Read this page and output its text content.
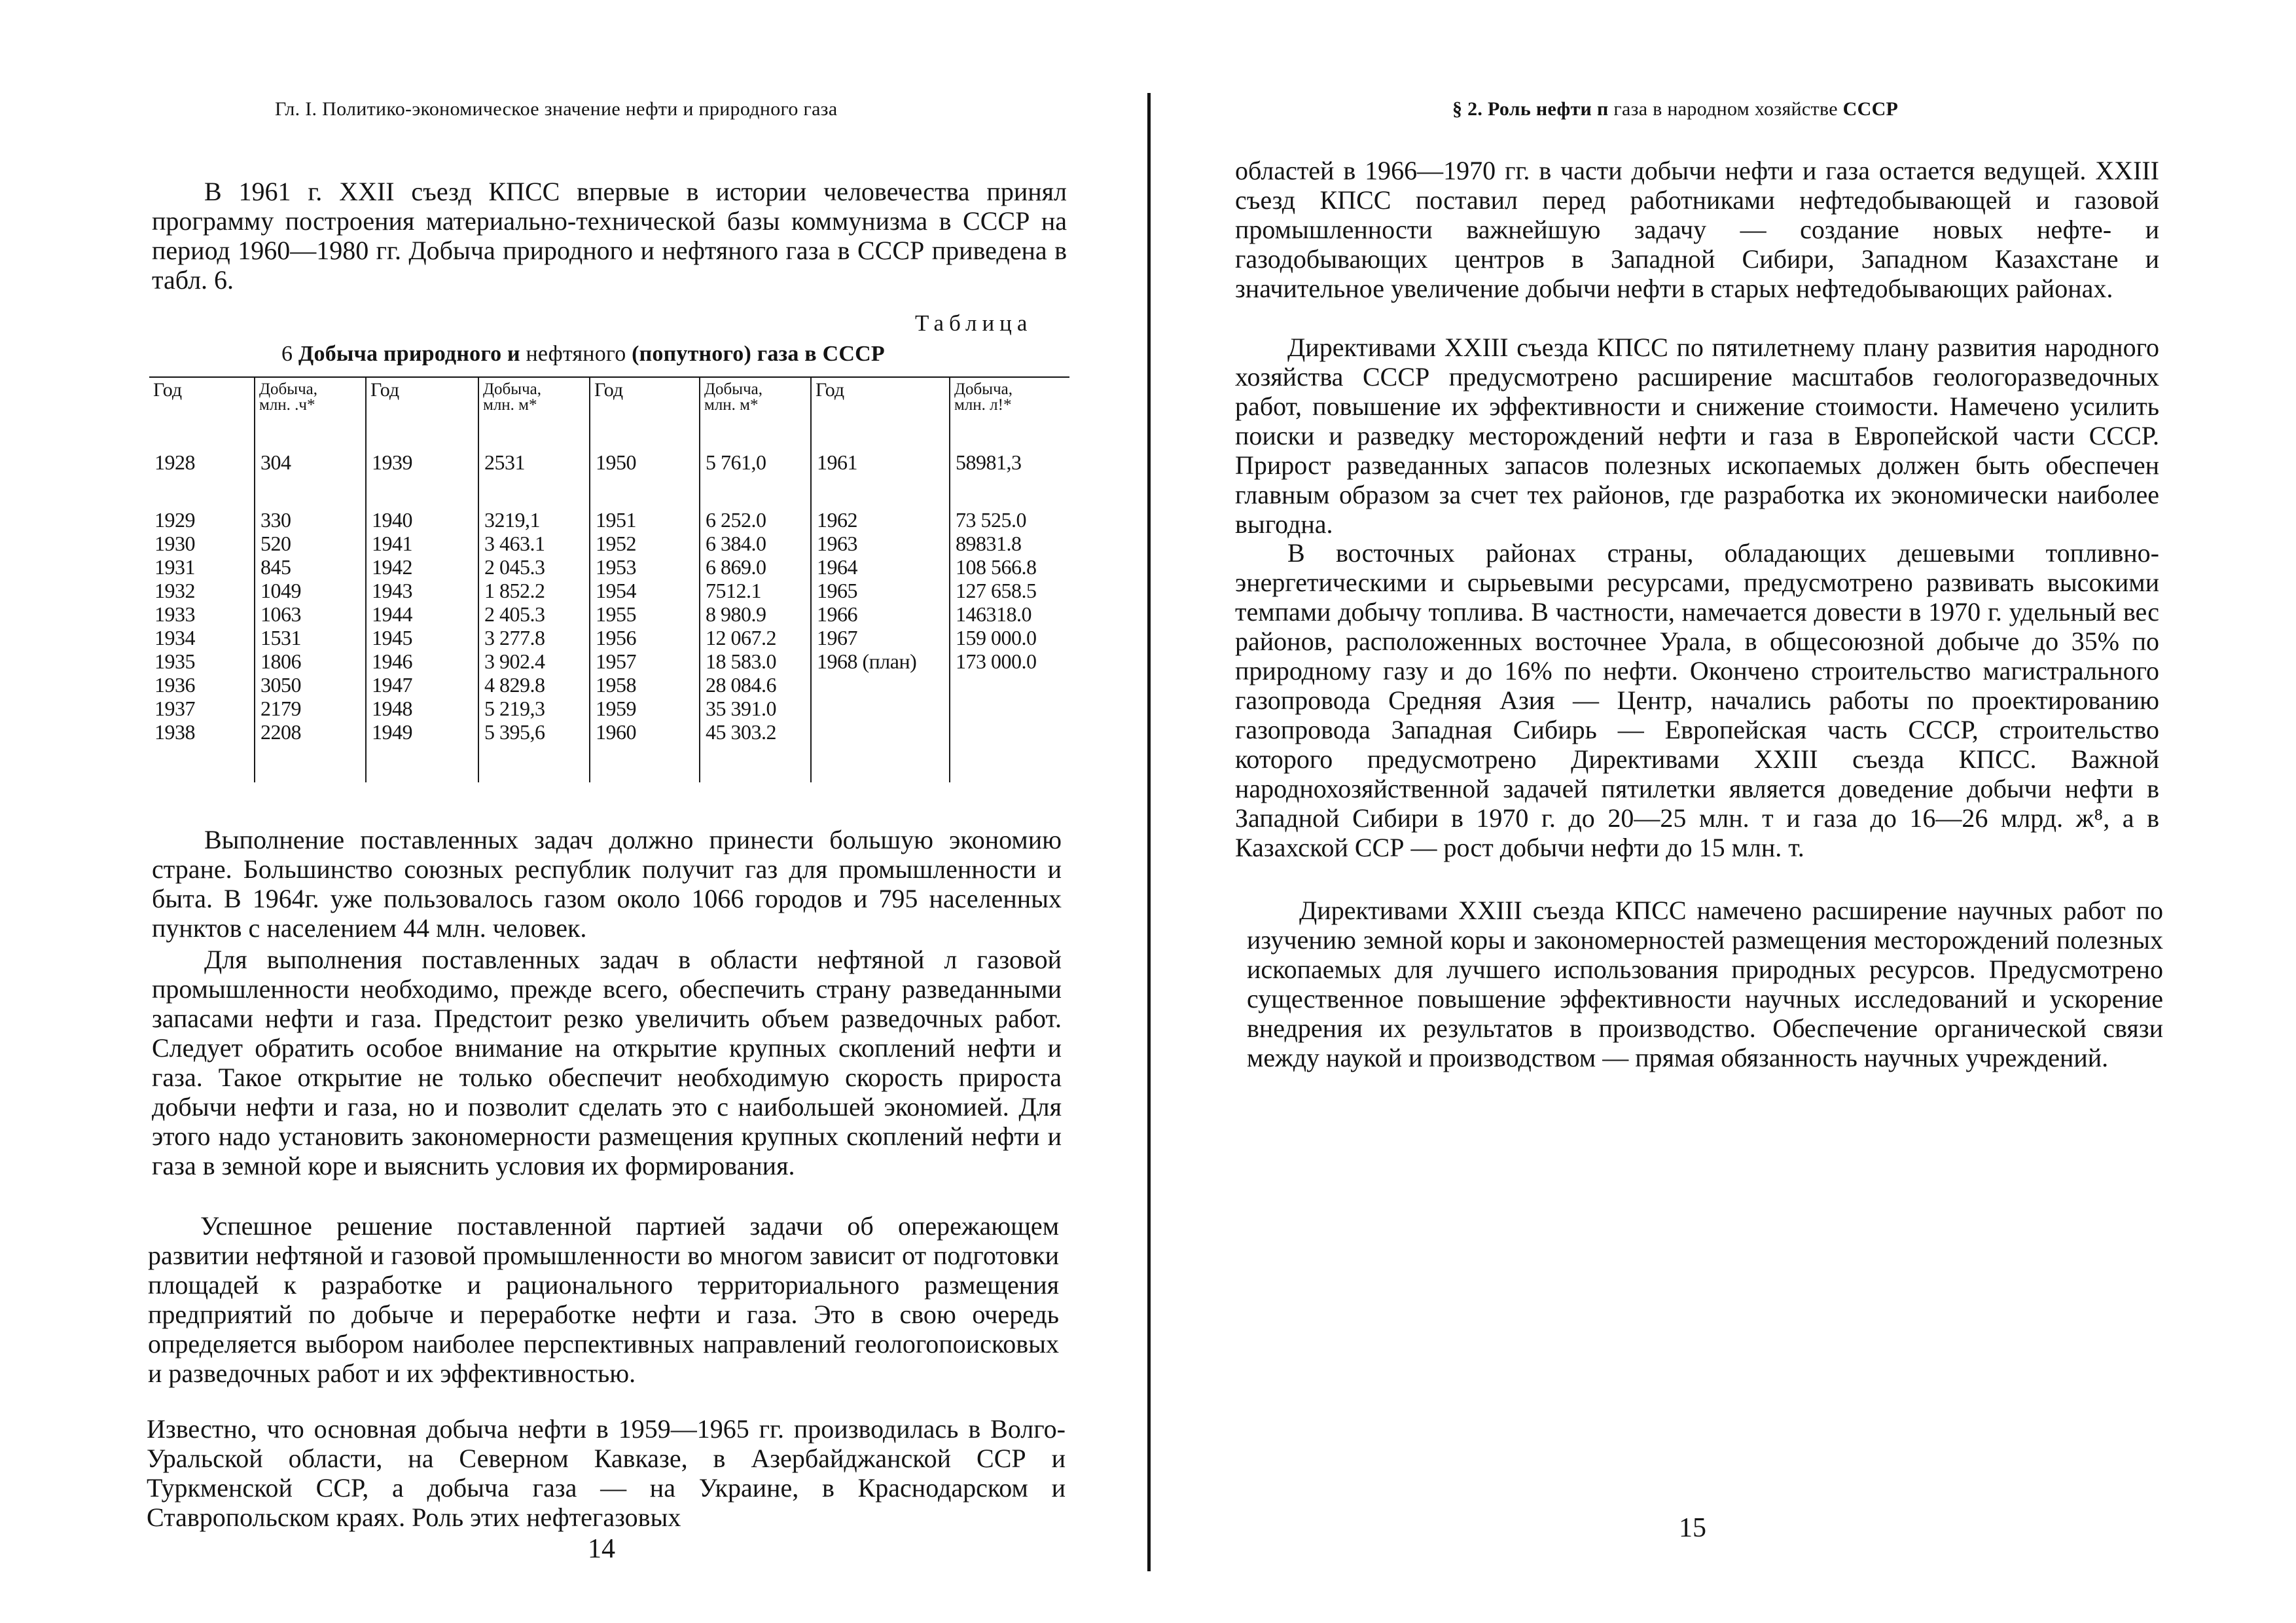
Гл. I. Политико-экономическое значение нефти и природного газа

В 1961 г. XXII съезд КПСС впервые в истории человечества принял программу построения материально-технической базы коммунизма в СССР на период 1960—1980 гг. Добыча природного и нефтяного газа в СССР приведена в табл. 6.

Таблица
6 Добыча природного и нефтяного (попутного) газа в СССР
Год
1928
1929
1930
1931
1932
1933
1934
1935
1936
1937
1938
Добыча,
млн. .ч*
304
330
520
845
1049
1063
1531
1806
3050
2179
2208
Год
1939
1940
1941
1942
1943
1944
1945
1946
1947
1948
1949
Добыча,
млн. м*
2531
3219,1
3 463.1
2 045.3
1 852.2
2 405.3
3 277.8
3 902.4
4 829.8
5 219,3
5 395,6
Год
1950
1951
1952
1953
1954
1955
1956
1957
1958
1959
1960
Добыча,
млн. м*
5 761,0
6 252.0
6 384.0
6 869.0
7512.1
8 980.9
12 067.2
18 583.0
28 084.6
35 391.0
45 303.2
Год
1961
1962
1963
1964
1965
1966
1967
1968 (план)
Добыча,
млн. л!*
58981,3
73 525.0
89831.8
108 566.8
127 658.5
146318.0
159 000.0
173 000.0

Выполнение поставленных задач должно принести большую экономию стране. Большинство союзных республик получит газ для промышленности и быта. В 1964г. уже пользовалось газом около 1066 городов и 795 населенных пунктов с населением 44 млн. человек.

Для выполнения поставленных задач в области нефтяной л газовой промышленности необходимо, прежде всего, обеспечить страну разведанными запасами нефти и газа. Предстоит резко увеличить объем разведочных работ. Следует обратить особое внимание на открытие крупных скоплений нефти и газа. Такое открытие не только обеспечит необходимую скорость прироста добычи нефти и газа, но и позволит сделать это с наибольшей экономией. Для этого надо установить закономерности размещения крупных скоплений нефти и газа в земной коре и выяснить условия их формирования.

Успешное решение поставленной партией задачи об опережающем развитии нефтяной и газовой промышленности во многом зависит от подготовки площадей к разработке и рационального территориального размещения предприятий по добыче и переработке нефти и газа. Это в свою очередь определяется выбором наиболее перспективных направлений геологопоисковых и разведочных работ и их эффективностью.

Известно, что основная добыча нефти в 1959—1965 гг. производилась в Волго-Уральской области, на Северном Кавказе, в Азербайджанской ССР и Туркменской ССР, а добыча газа — на Украине, в Краснодарском и Ставропольском краях. Роль этих нефтегазовых

14
§ 2. Роль нефти п газа в народном хозяйстве СССР

областей в 1966—1970 гг. в части добычи нефти и газа остается ведущей. XXIII съезд КПСС поставил перед работниками нефтедобывающей и газовой промышленности важнейшую задачу — создание новых нефте- и газодобывающих центров в Западной Сибири, Западном Казахстане и значительное увеличение добычи нефти в старых нефтедобывающих районах.

Директивами XXIII съезда КПСС по пятилетнему плану развития народного хозяйства СССР предусмотрено расширение масштабов геологоразведочных работ, повышение их эффективности и снижение стоимости. Намечено усилить поиски и разведку месторождений нефти и газа в Европейской части СССР. Прирост разведанных запасов полезных ископаемых должен быть обеспечен главным образом за счет тех районов, где разработка их экономически наиболее выгодна.

В восточных районах страны, обладающих дешевыми топливно-энергетическими и сырьевыми ресурсами, предусмотрено развивать высокими темпами добычу топлива. В частности, намечается довести в 1970 г. удельный вес районов, расположенных восточнее Урала, в общесоюзной добыче до 35% по природному газу и до 16% по нефти. Окончено строительство магистрального газопровода Средняя Азия — Центр, начались работы по проектированию газопровода Западная Сибирь — Европейская часть СССР, строительство которого предусмотрено Директивами XXIII съезда КПСС. Важной народнохозяйственной задачей пятилетки является доведение добычи нефти в Западной Сибири в 1970 г. до 20—25 млн. т и газа до 16—26 млрд. ж⁸, а в Казахской ССР — рост добычи нефти до 15 млн. т.

Директивами XXIII съезда КПСС намечено расширение научных работ по изучению земной коры и закономерностей размещения месторождений полезных ископаемых для лучшего использования природных ресурсов. Предусмотрено существенное повышение эффективности научных исследований и ускорение внедрения их результатов в производство. Обеспечение органической связи между наукой и производством — прямая обязанность научных учреждений.

15
